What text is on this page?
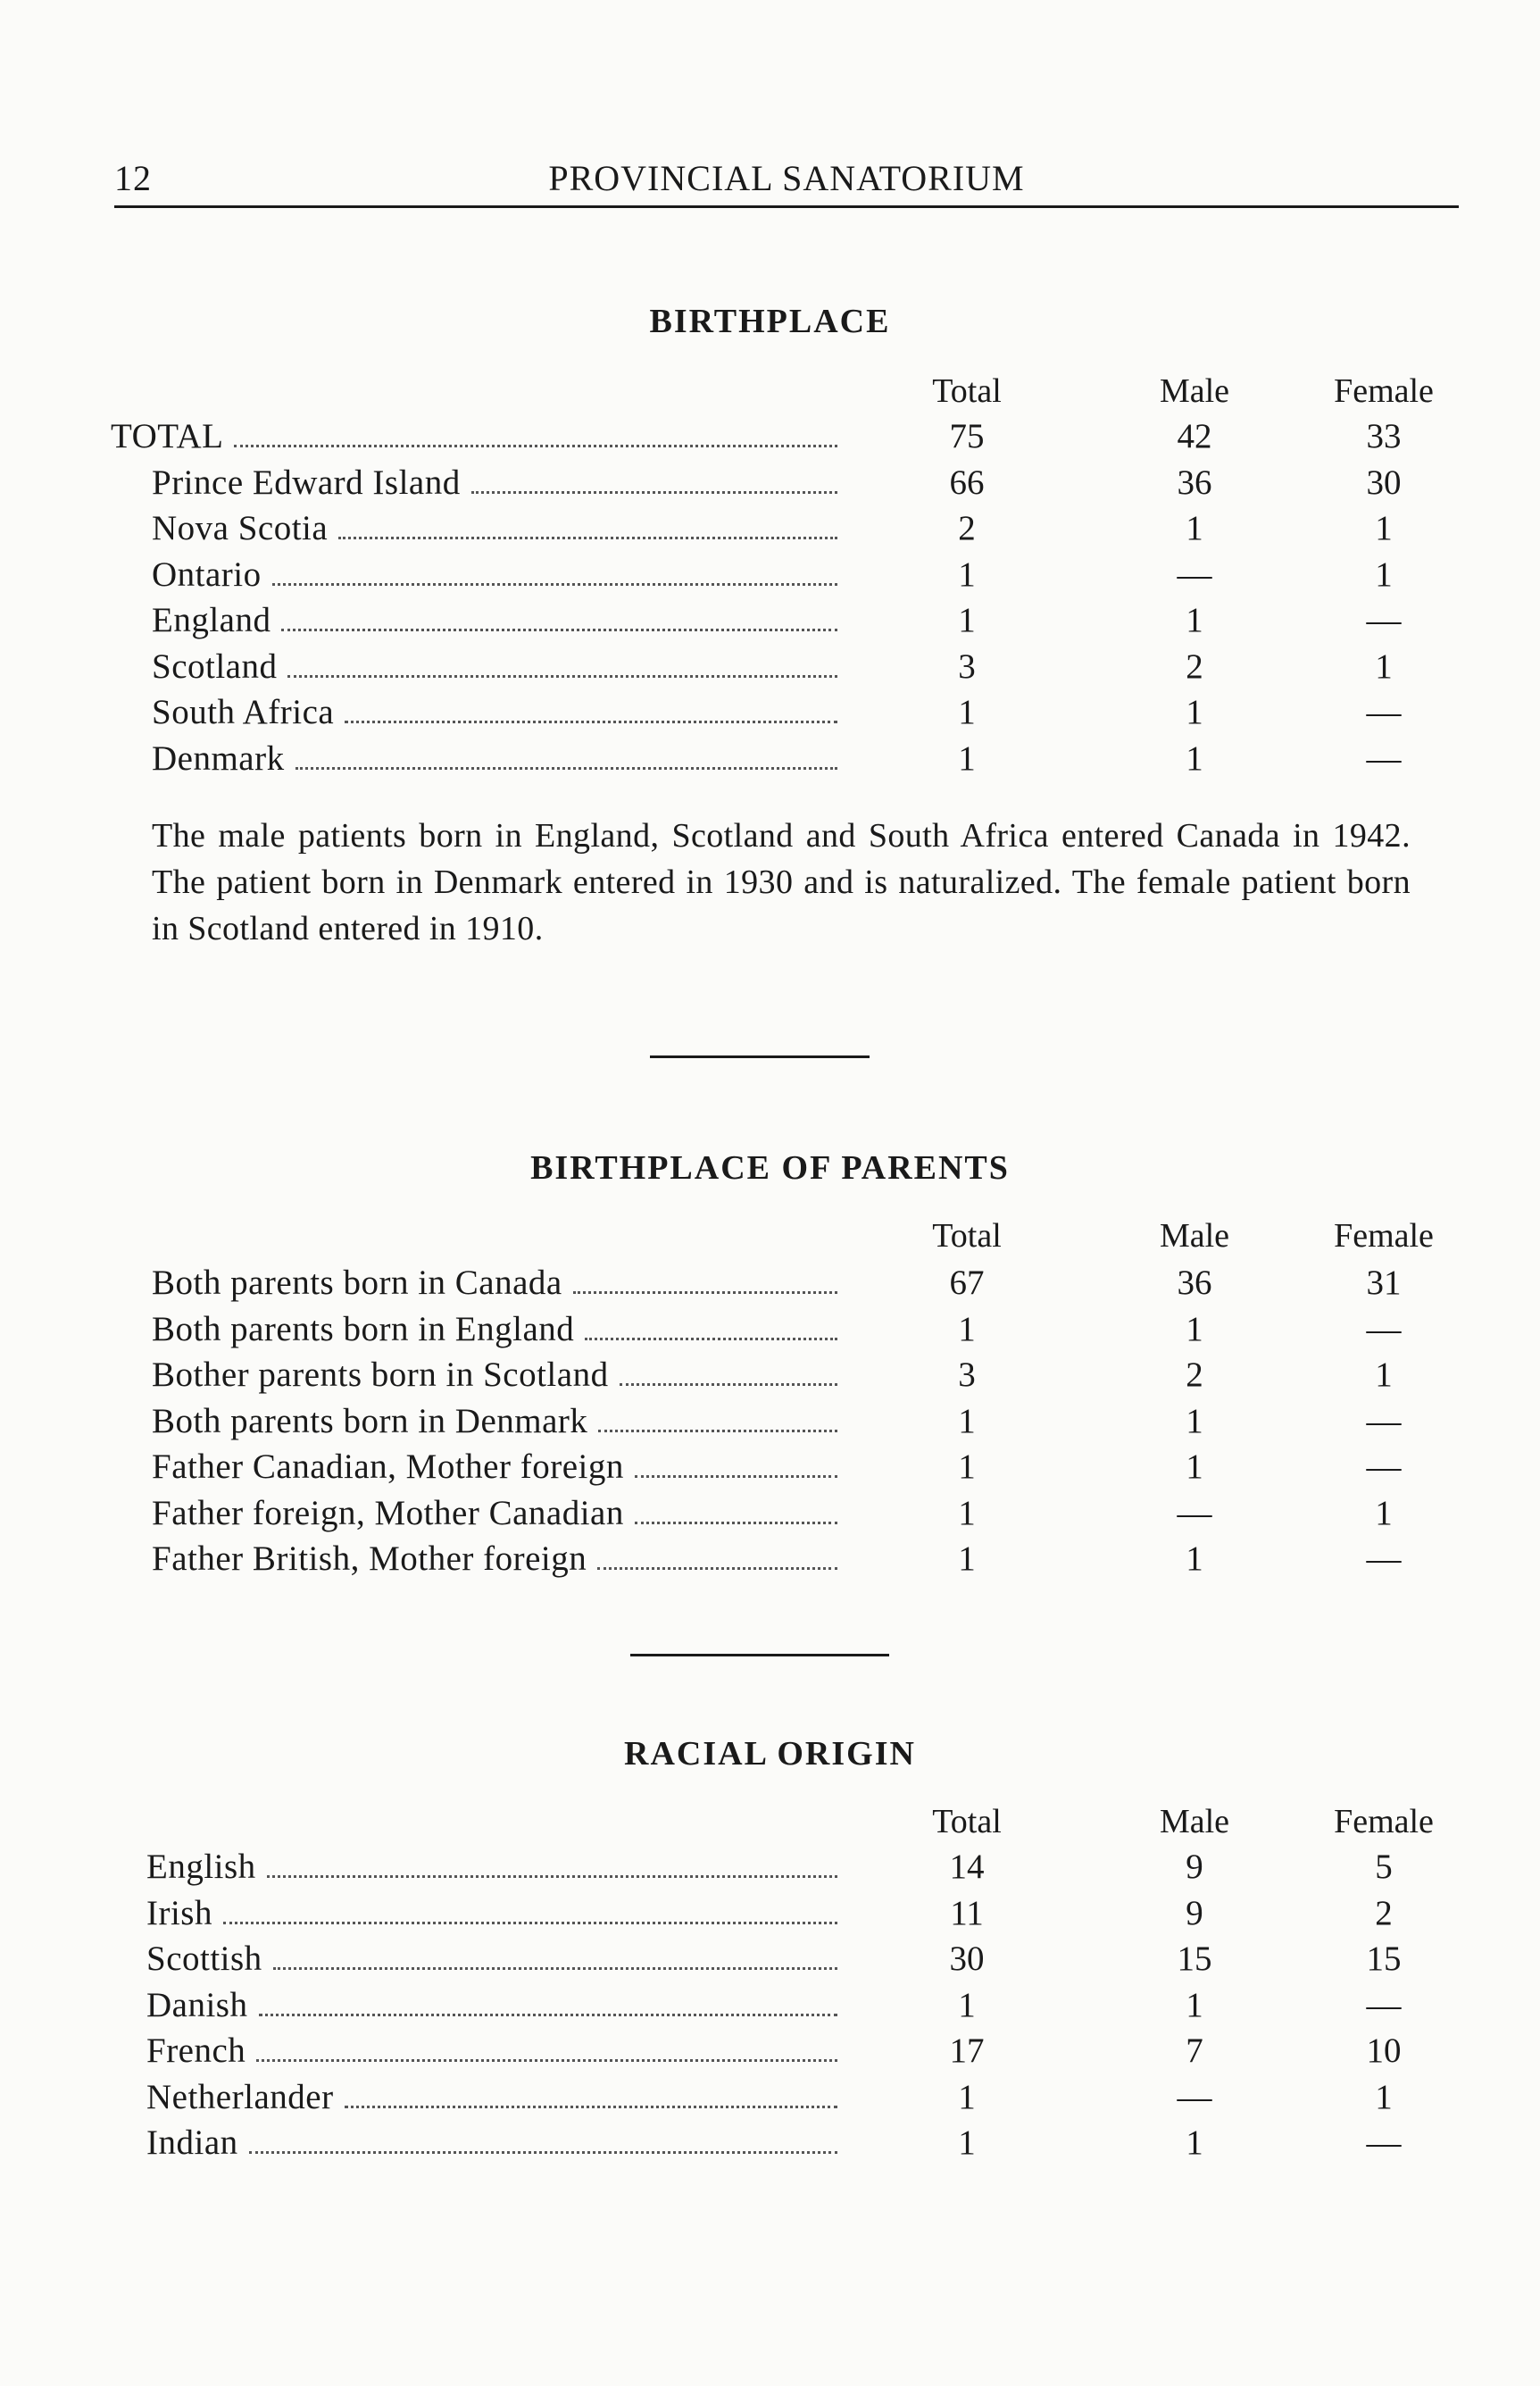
12	PROVINCIAL SANATORIUM
BIRTHPLACE
Total	Male	Female
TOTAL	75	42	33
Prince Edward Island	66	36	30
Nova Scotia	2	1	1
Ontario	1	—	1
England	1	1	—
Scotland	3	2	1
South Africa	1	1	—
Denmark	1	1	—
The male patients born in England, Scotland and South Africa entered Canada in 1942. The patient born in Denmark entered in 1930 and is naturalized. The female patient born in Scotland entered in 1910.
BIRTHPLACE OF PARENTS
Total	Male	Female
Both parents born in Canada	67	36	31
Both parents born in England	1	1	—
Bother parents born in Scotland	3	2	1
Both parents born in Denmark	1	1	—
Father Canadian, Mother foreign	1	1	—
Father foreign, Mother Canadian	1	—	1
Father British, Mother foreign	1	1	—
RACIAL ORIGIN
Total	Male	Female
English	14	9	5
Irish	11	9	2
Scottish	30	15	15
Danish	1	1	—
French	17	7	10
Netherlander	1	—	1
Indian	1	1	—
